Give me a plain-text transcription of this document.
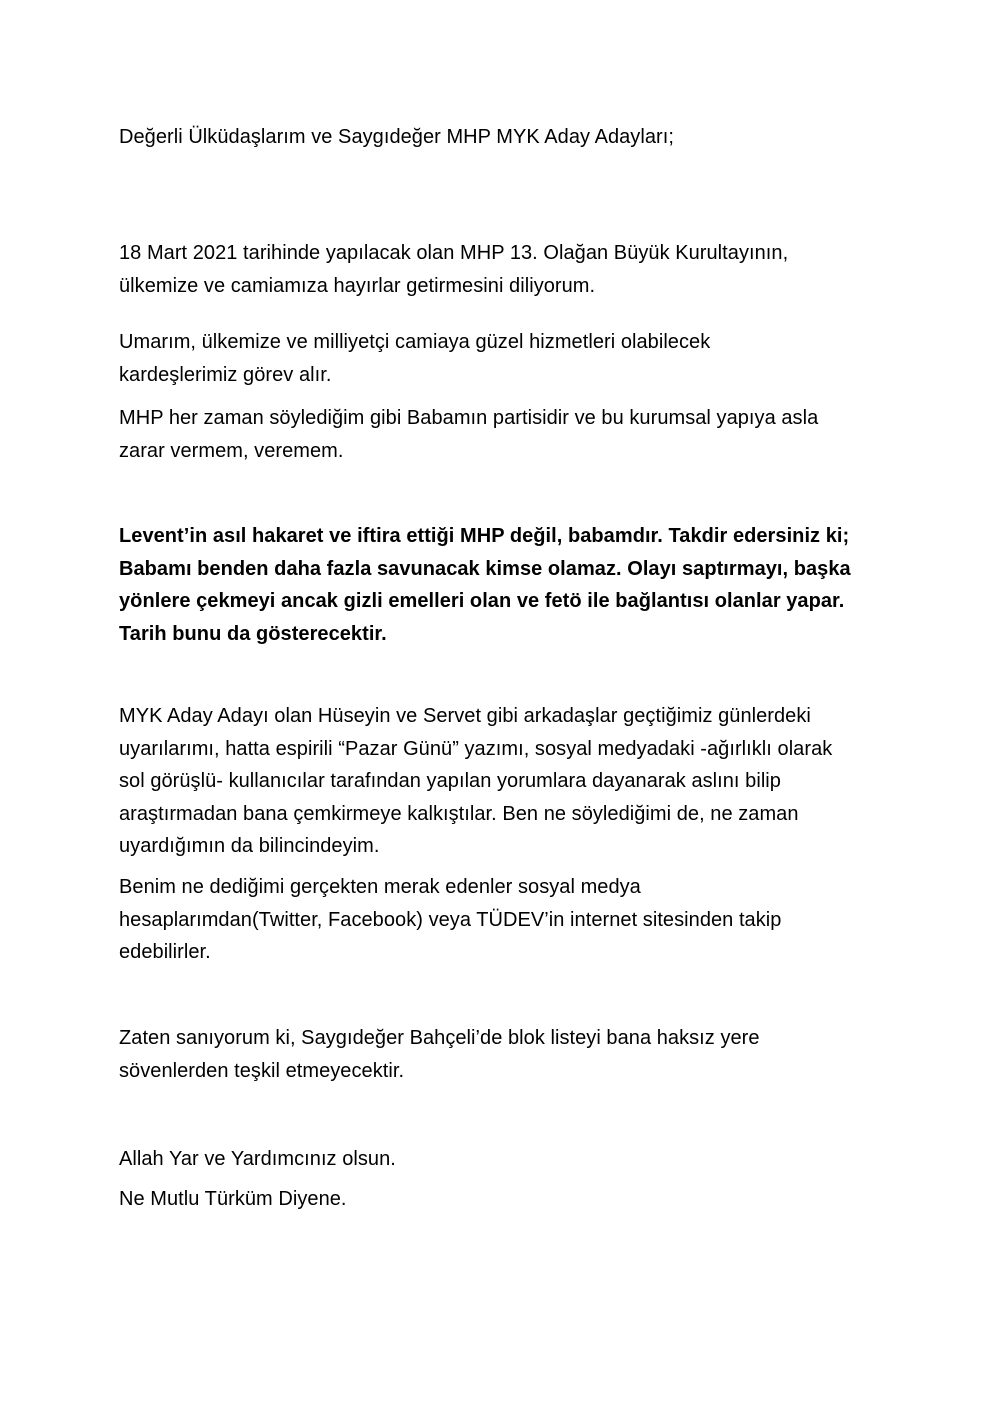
Değerli Ülküdaşlarım ve Saygıdeğer MHP MYK Aday Adayları;

18 Mart 2021 tarihinde yapılacak olan MHP 13. Olağan Büyük Kurultayının,
ülkemize ve camiamıza hayırlar getirmesini diliyorum.

Umarım, ülkemize ve milliyetçi camiaya güzel hizmetleri olabilecek
kardeşlerimiz görev alır.

MHP her zaman söylediğim gibi Babamın partisidir ve bu kurumsal yapıya asla
zarar vermem, veremem.

Levent’in asıl hakaret ve iftira ettiği MHP değil, babamdır. Takdir edersiniz ki;
Babamı benden daha fazla savunacak kimse olamaz. Olayı saptırmayı, başka
yönlere çekmeyi ancak gizli emelleri olan ve fetö ile bağlantısı olanlar yapar.
Tarih bunu da gösterecektir.

MYK Aday Adayı olan Hüseyin ve Servet gibi arkadaşlar geçtiğimiz günlerdeki
uyarılarımı, hatta espirili “Pazar Günü” yazımı, sosyal medyadaki -ağırlıklı olarak
sol görüşlü- kullanıcılar tarafından yapılan yorumlara dayanarak aslını bilip
araştırmadan bana çemkirmeye kalkıştılar. Ben ne söylediğimi de, ne zaman
uyardığımın da bilincindeyim.

Benim ne dediğimi gerçekten merak edenler sosyal medya
hesaplarımdan(Twitter, Facebook) veya TÜDEV’in internet sitesinden takip
edebilirler.

Zaten sanıyorum ki, Saygıdeğer Bahçeli’de blok listeyi bana haksız yere
sövenlerden teşkil etmeyecektir.

Allah Yar ve Yardımcınız olsun.

Ne Mutlu Türküm Diyene.
